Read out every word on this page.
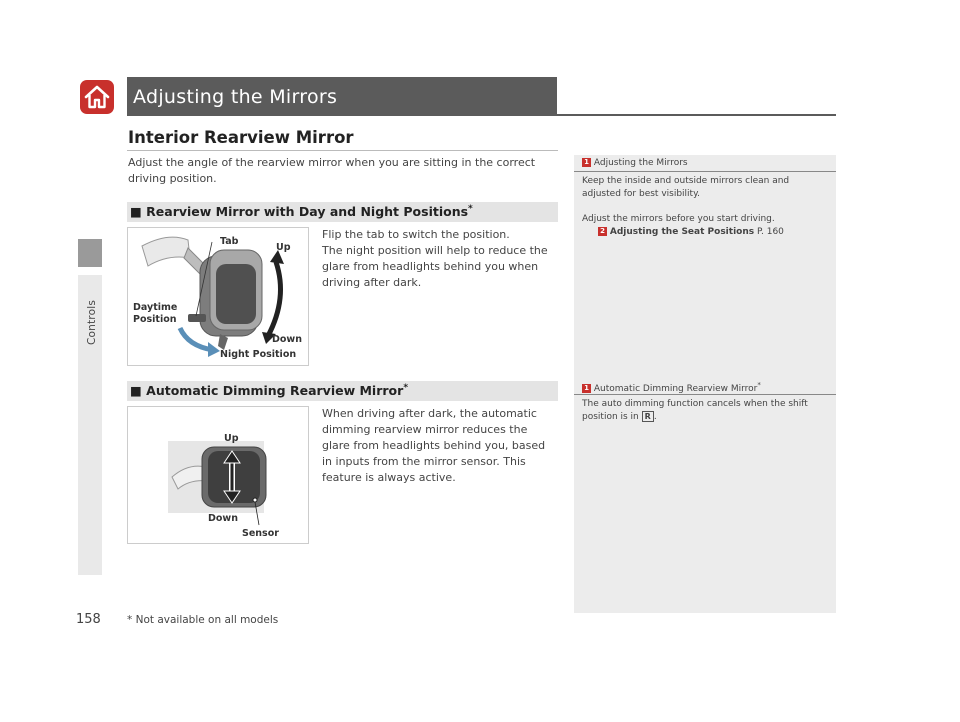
Controls
158
Adjusting the Mirrors
Interior Rearview Mirror
Adjust the angle of the rearview mirror when you are sitting in the correct driving position.
■ Rearview Mirror with Day and Night Positions*
Tab
Up
Daytime
Position
Down
Night Position
Flip the tab to switch the position.
The night position will help to reduce the glare from headlights behind you when driving after dark.
■ Automatic Dimming Rearview Mirror*
Up
Down
Sensor
When driving after dark, the automatic dimming rearview mirror reduces the glare from headlights behind you, based in inputs from the mirror sensor. This feature is always active.
1 Adjusting the Mirrors
Keep the inside and outside mirrors clean and adjusted for best visibility.
Adjust the mirrors before you start driving.
2 Adjusting the Seat Positions P. 160
1 Automatic Dimming Rearview Mirror*
The auto dimming function cancels when the shift position is in R .
* Not available on all models
